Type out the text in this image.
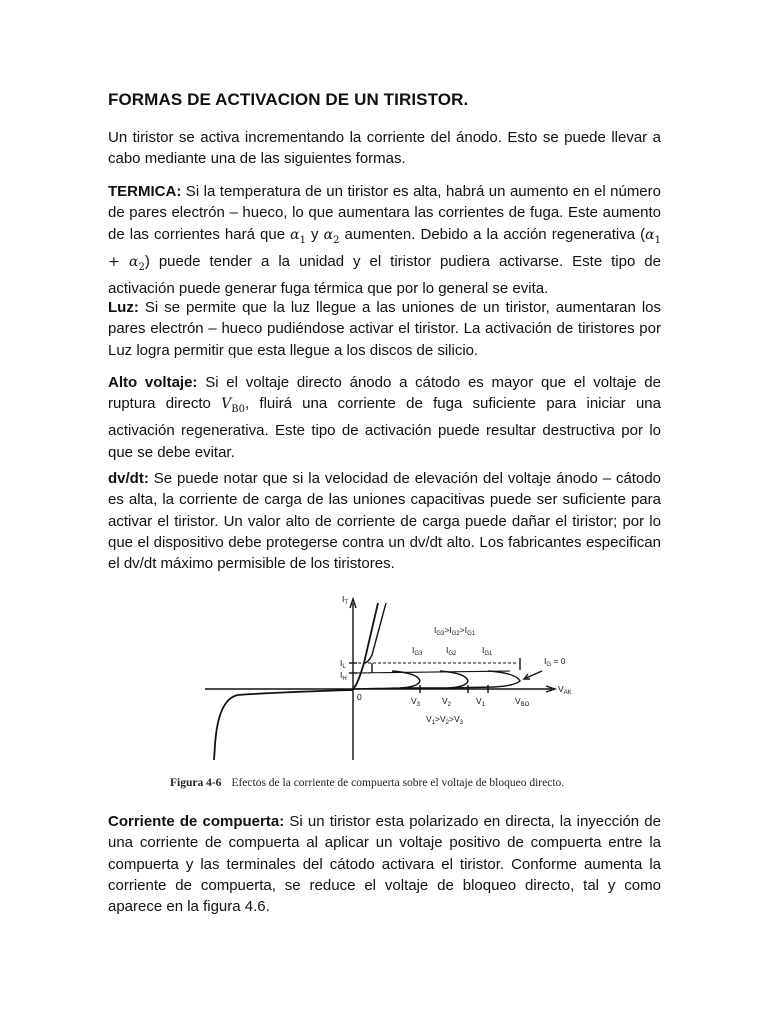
FORMAS DE ACTIVACION DE UN TIRISTOR.

Un tiristor se activa incrementando la corriente del ánodo. Esto se puede llevar a cabo mediante una de las siguientes formas.

TERMICA: Si la temperatura de un tiristor es alta, habrá un aumento en el número de pares electrón – hueco, lo que aumentara las corrientes de fuga. Este aumento de las corrientes hará que $\alpha_1$ y $\alpha_2$ aumenten. Debido a la acción regenerativa $(\alpha_1 + \alpha_2)$ puede tender a la unidad y el tiristor pudiera activarse. Este tipo de activación puede generar fuga térmica que por lo general se evita.

Luz: Si se permite que la luz llegue a las uniones de un tiristor, aumentaran los pares electrón – hueco pudiéndose activar el tiristor. La activación de tiristores por Luz logra permitir que esta llegue a los discos de silicio.

Alto voltaje: Si el voltaje directo ánodo a cátodo es mayor que el voltaje de ruptura directo $V_{B0}$, fluirá una corriente de fuga suficiente para iniciar una activación regenerativa. Este tipo de activación puede resultar destructiva por lo que se debe evitar.

dv/dt: Se puede notar que si la velocidad de elevación del voltaje ánodo – cátodo es alta, la corriente de carga de las uniones capacitivas puede ser suficiente para activar el tiristor. Un valor alto de corriente de carga puede dañar el tiristor; por lo que el dispositivo debe protegerse contra un dv/dt alto. Los fabricantes especifican el dv/dt máximo permisible de los tiristores.

$I_T$
$V_{AK}$
0
$I_L$
$I_H$
$I_{G3}>I_{G2}>I_{G1}$
$I_{G3}$	$I_{G2}$	$I_{G1}$
$I_G = 0$
$V_3$	$V_2$	$V_1$	$V_{BO}$
$V_1>V_2>V_3$
Figura 4-6 Efectos de la corriente de compuerta sobre el voltaje de bloqueo directo.

Corriente de compuerta: Si un tiristor esta polarizado en directa, la inyección de una corriente de compuerta al aplicar un voltaje positivo de compuerta entre la compuerta y las terminales del cátodo activara el tiristor. Conforme aumenta la corriente de compuerta, se reduce el voltaje de bloqueo directo, tal y como aparece en la figura 4.6.
